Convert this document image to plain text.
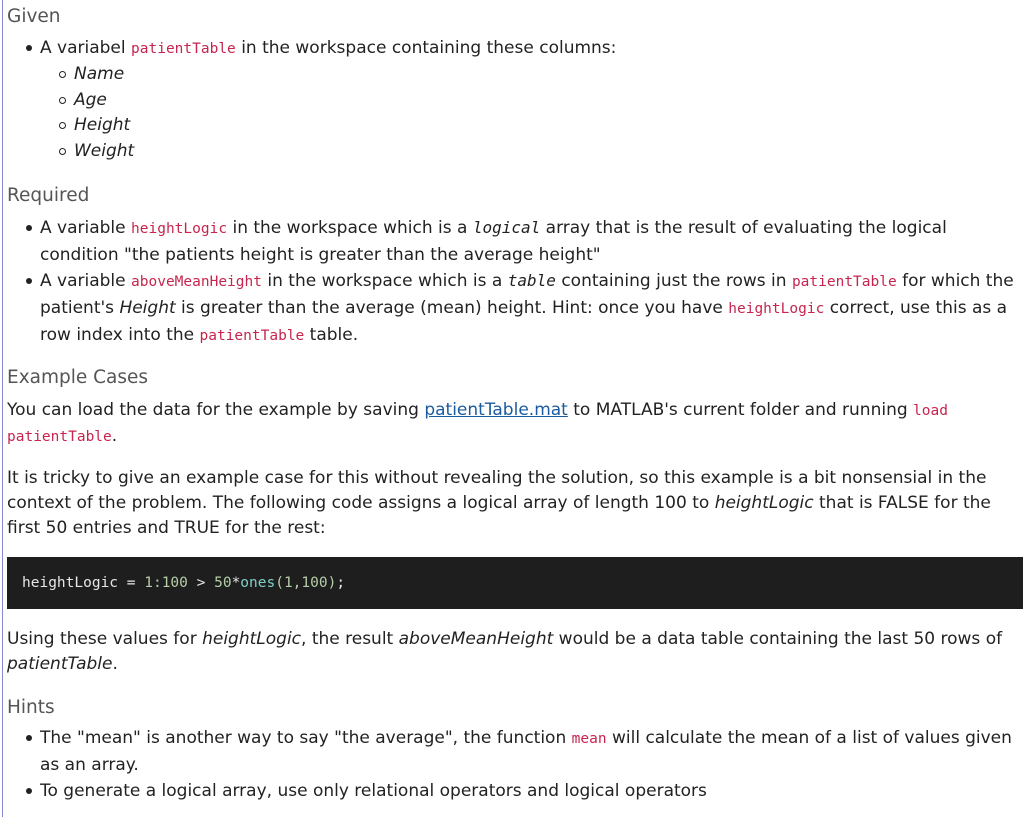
Given
A variabel patientTable in the workspace containing these columns:
Name
Age
Height
Weight
Required
A variable heightLogic in the workspace which is a logical array that is the result of evaluating the logical condition "the patients height is greater than the average height"
A variable aboveMeanHeight in the workspace which is a table containing just the rows in patientTable for which the patient's Height is greater than the average (mean) height. Hint: once you have heightLogic correct, use this as a row index into the patientTable table.
Example Cases

You can load the data for the example by saving patientTable.mat to MATLAB's current folder and running load patientTable.

It is tricky to give an example case for this without revealing the solution, so this example is a bit nonsensial in the context of the problem. The following code assigns a logical array of length 100 to heightLogic that is FALSE for the first 50 entries and TRUE for the rest:

heightLogic = 1:100 > 50*ones(1,100);

Using these values for heightLogic, the result aboveMeanHeight would be a data table containing the last 50 rows of patientTable.

Hints
The "mean" is another way to say "the average", the function mean will calculate the mean of a list of values given as an array.
To generate a logical array, use only relational operators and logical operators
